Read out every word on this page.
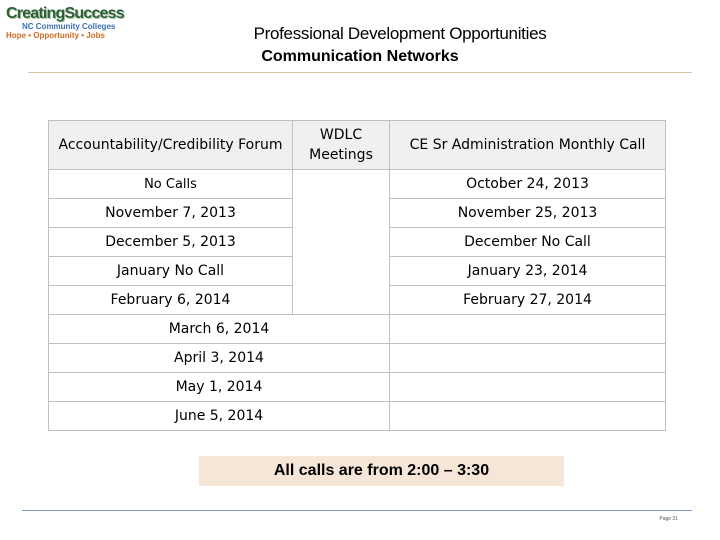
CreatingSuccess
NC Community Colleges
Hope • Opportunity • Jobs	Professional Development Opportunities
Communication Networks
Accountability/Credibility Forum	WDLC Meetings	CE Sr Administration Monthly Call
No Calls		October 24, 2013
November 7, 2013		November 25, 2013
December 5, 2013		December No Call
January No Call		January 23, 2014
February 6, 2014		February 27, 2014
March 6, 2014		
April 3, 2014		
May 1, 2014		
June 5, 2014		
All calls are from 2:00 – 3:30
Page 31
